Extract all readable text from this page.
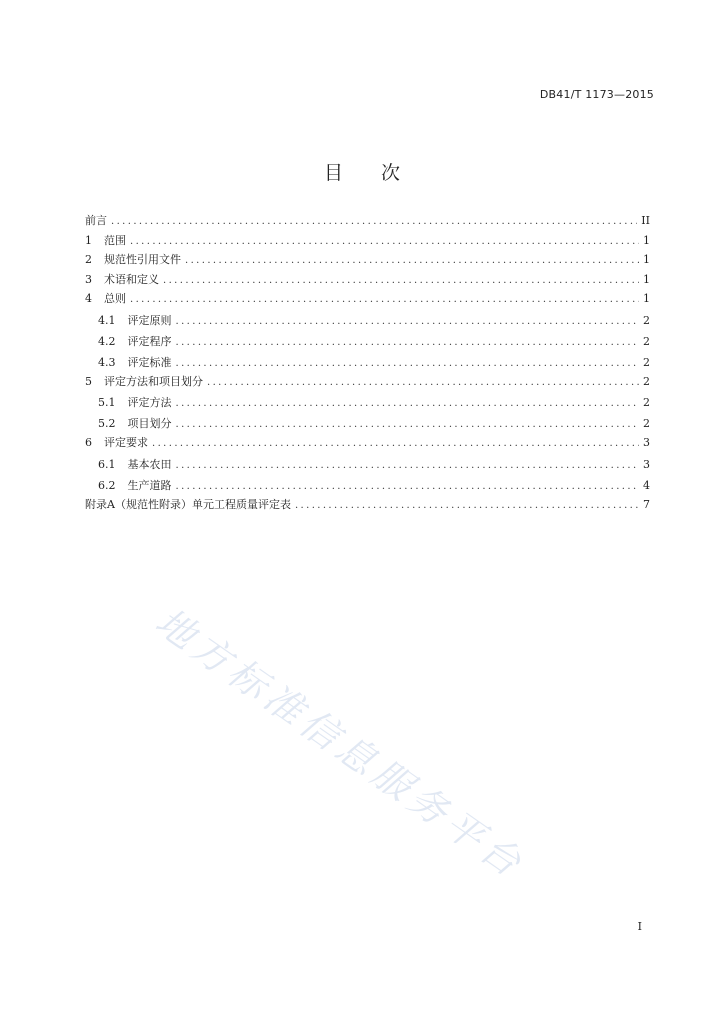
DB41/T 1173—2015
目　　次
前言 .....	II
1 范围 .....	1
2 规范性引用文件 .....	1
3 术语和定义 .....	1
4 总则 .....	1
4.1 评定原则 .....	2
4.2 评定程序 .....	2
4.3 评定标准 .....	2
5 评定方法和项目划分 .....	2
5.1 评定方法 .....	2
5.2 项目划分 .....	2
6 评定要求 .....	3
6.1 基本农田 .....	3
6.2 生产道路 .....	4
附录A（规范性附录）单元工程质量评定表 .....	7
地方标准信息服务平台
I
